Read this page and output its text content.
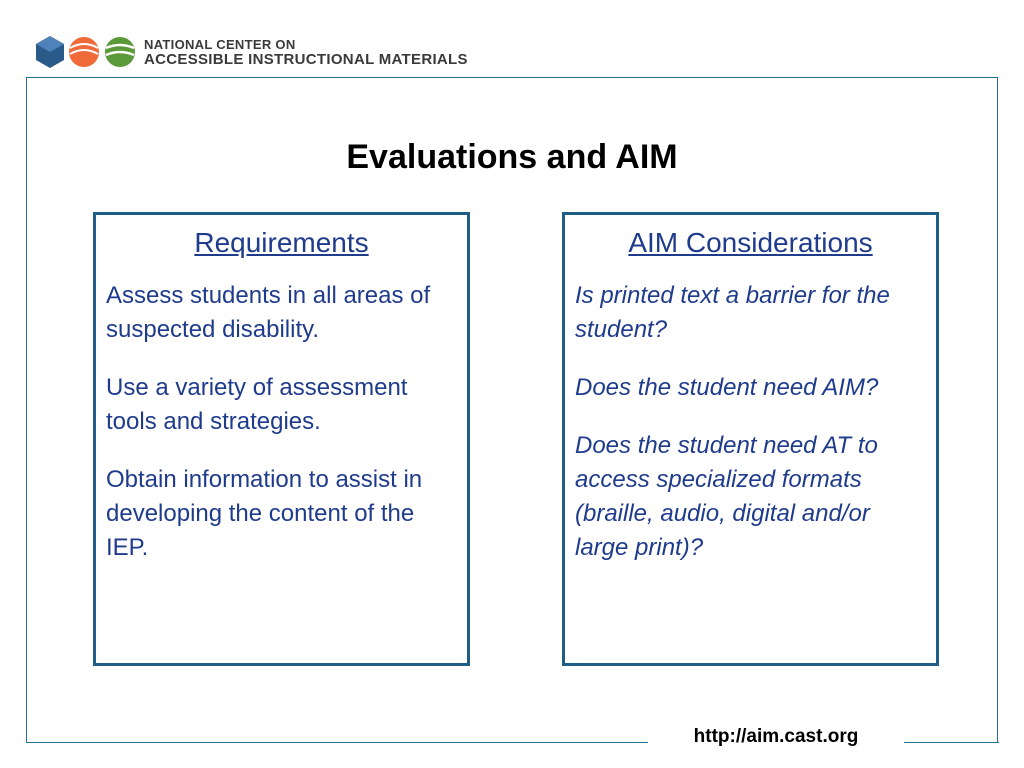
NATIONAL CENTER ON
ACCESSIBLE INSTRUCTIONAL MATERIALS
Evaluations and AIM
Requirements

Assess students in all areas of suspected disability.

Use a variety of assessment tools and strategies.

Obtain information to assist in developing the content of the IEP.

AIM Considerations

Is printed text a barrier for the student?

Does the student need AIM?

Does the student need AT to access specialized formats (braille, audio, digital and/or large print)?

http://aim.cast.org
